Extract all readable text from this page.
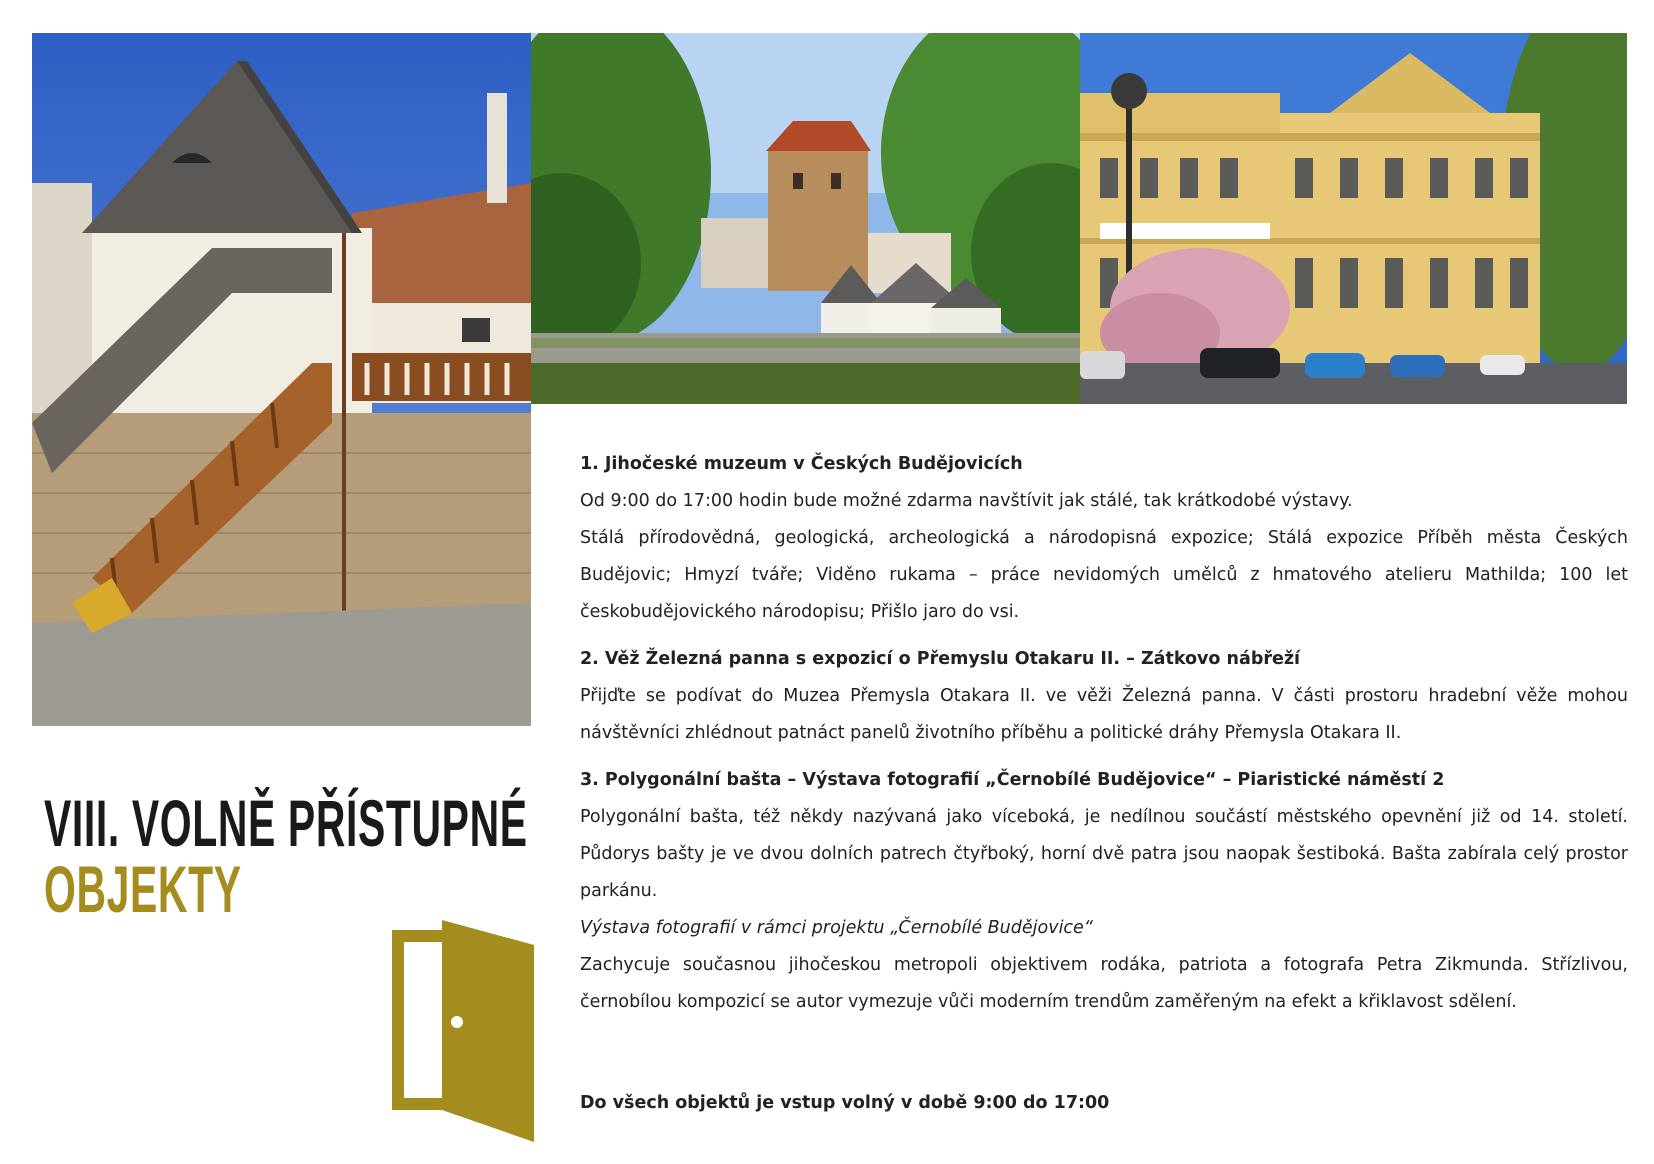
VIII. VOLNĚ PŘÍSTUPNÉ
OBJEKTY

1. Jihočeské muzeum v Českých Budějovicích

Od 9:00 do 17:00 hodin bude možné zdarma navštívit jak stálé, tak krátkodobé výstavy.

Stálá přírodovědná, geologická, archeologická a národopisná expozice; Stálá expozice Příběh města Českých Budějovic; Hmyzí tváře; Viděno rukama – práce nevidomých umělců z hmatového atelieru Mathilda; 100 let českobudějovického národopisu; Přišlo jaro do vsi.

2. Věž Železná panna s expozicí o Přemyslu Otakaru II. – Zátkovo nábřeží

Přijďte se podívat do Muzea Přemysla Otakara II. ve věži Železná panna. V části prostoru hradební věže mohou návštěvníci zhlédnout patnáct panelů životního příběhu a politické dráhy Přemysla Otakara II.

3. Polygonální bašta – Výstava fotografií „Černobílé Budějovice“ – Piaristické náměstí 2

Polygonální bašta, též někdy nazývaná jako víceboká, je nedílnou součástí městského opevnění již od 14. století. Půdorys bašty je ve dvou dolních patrech čtyřboký, horní dvě patra jsou naopak šestiboká. Bašta zabírala celý prostor parkánu.

Výstava fotografií v rámci projektu „Černobílé Budějovice“

Zachycuje současnou jihočeskou metropoli objektivem rodáka, patriota a fotografa Petra Zikmunda. Střízlivou, černobílou kompozicí se autor vymezuje vůči moderním trendům zaměřeným na efekt a křiklavost sdělení.

Do všech objektů je vstup volný v době 9:00 do 17:00
